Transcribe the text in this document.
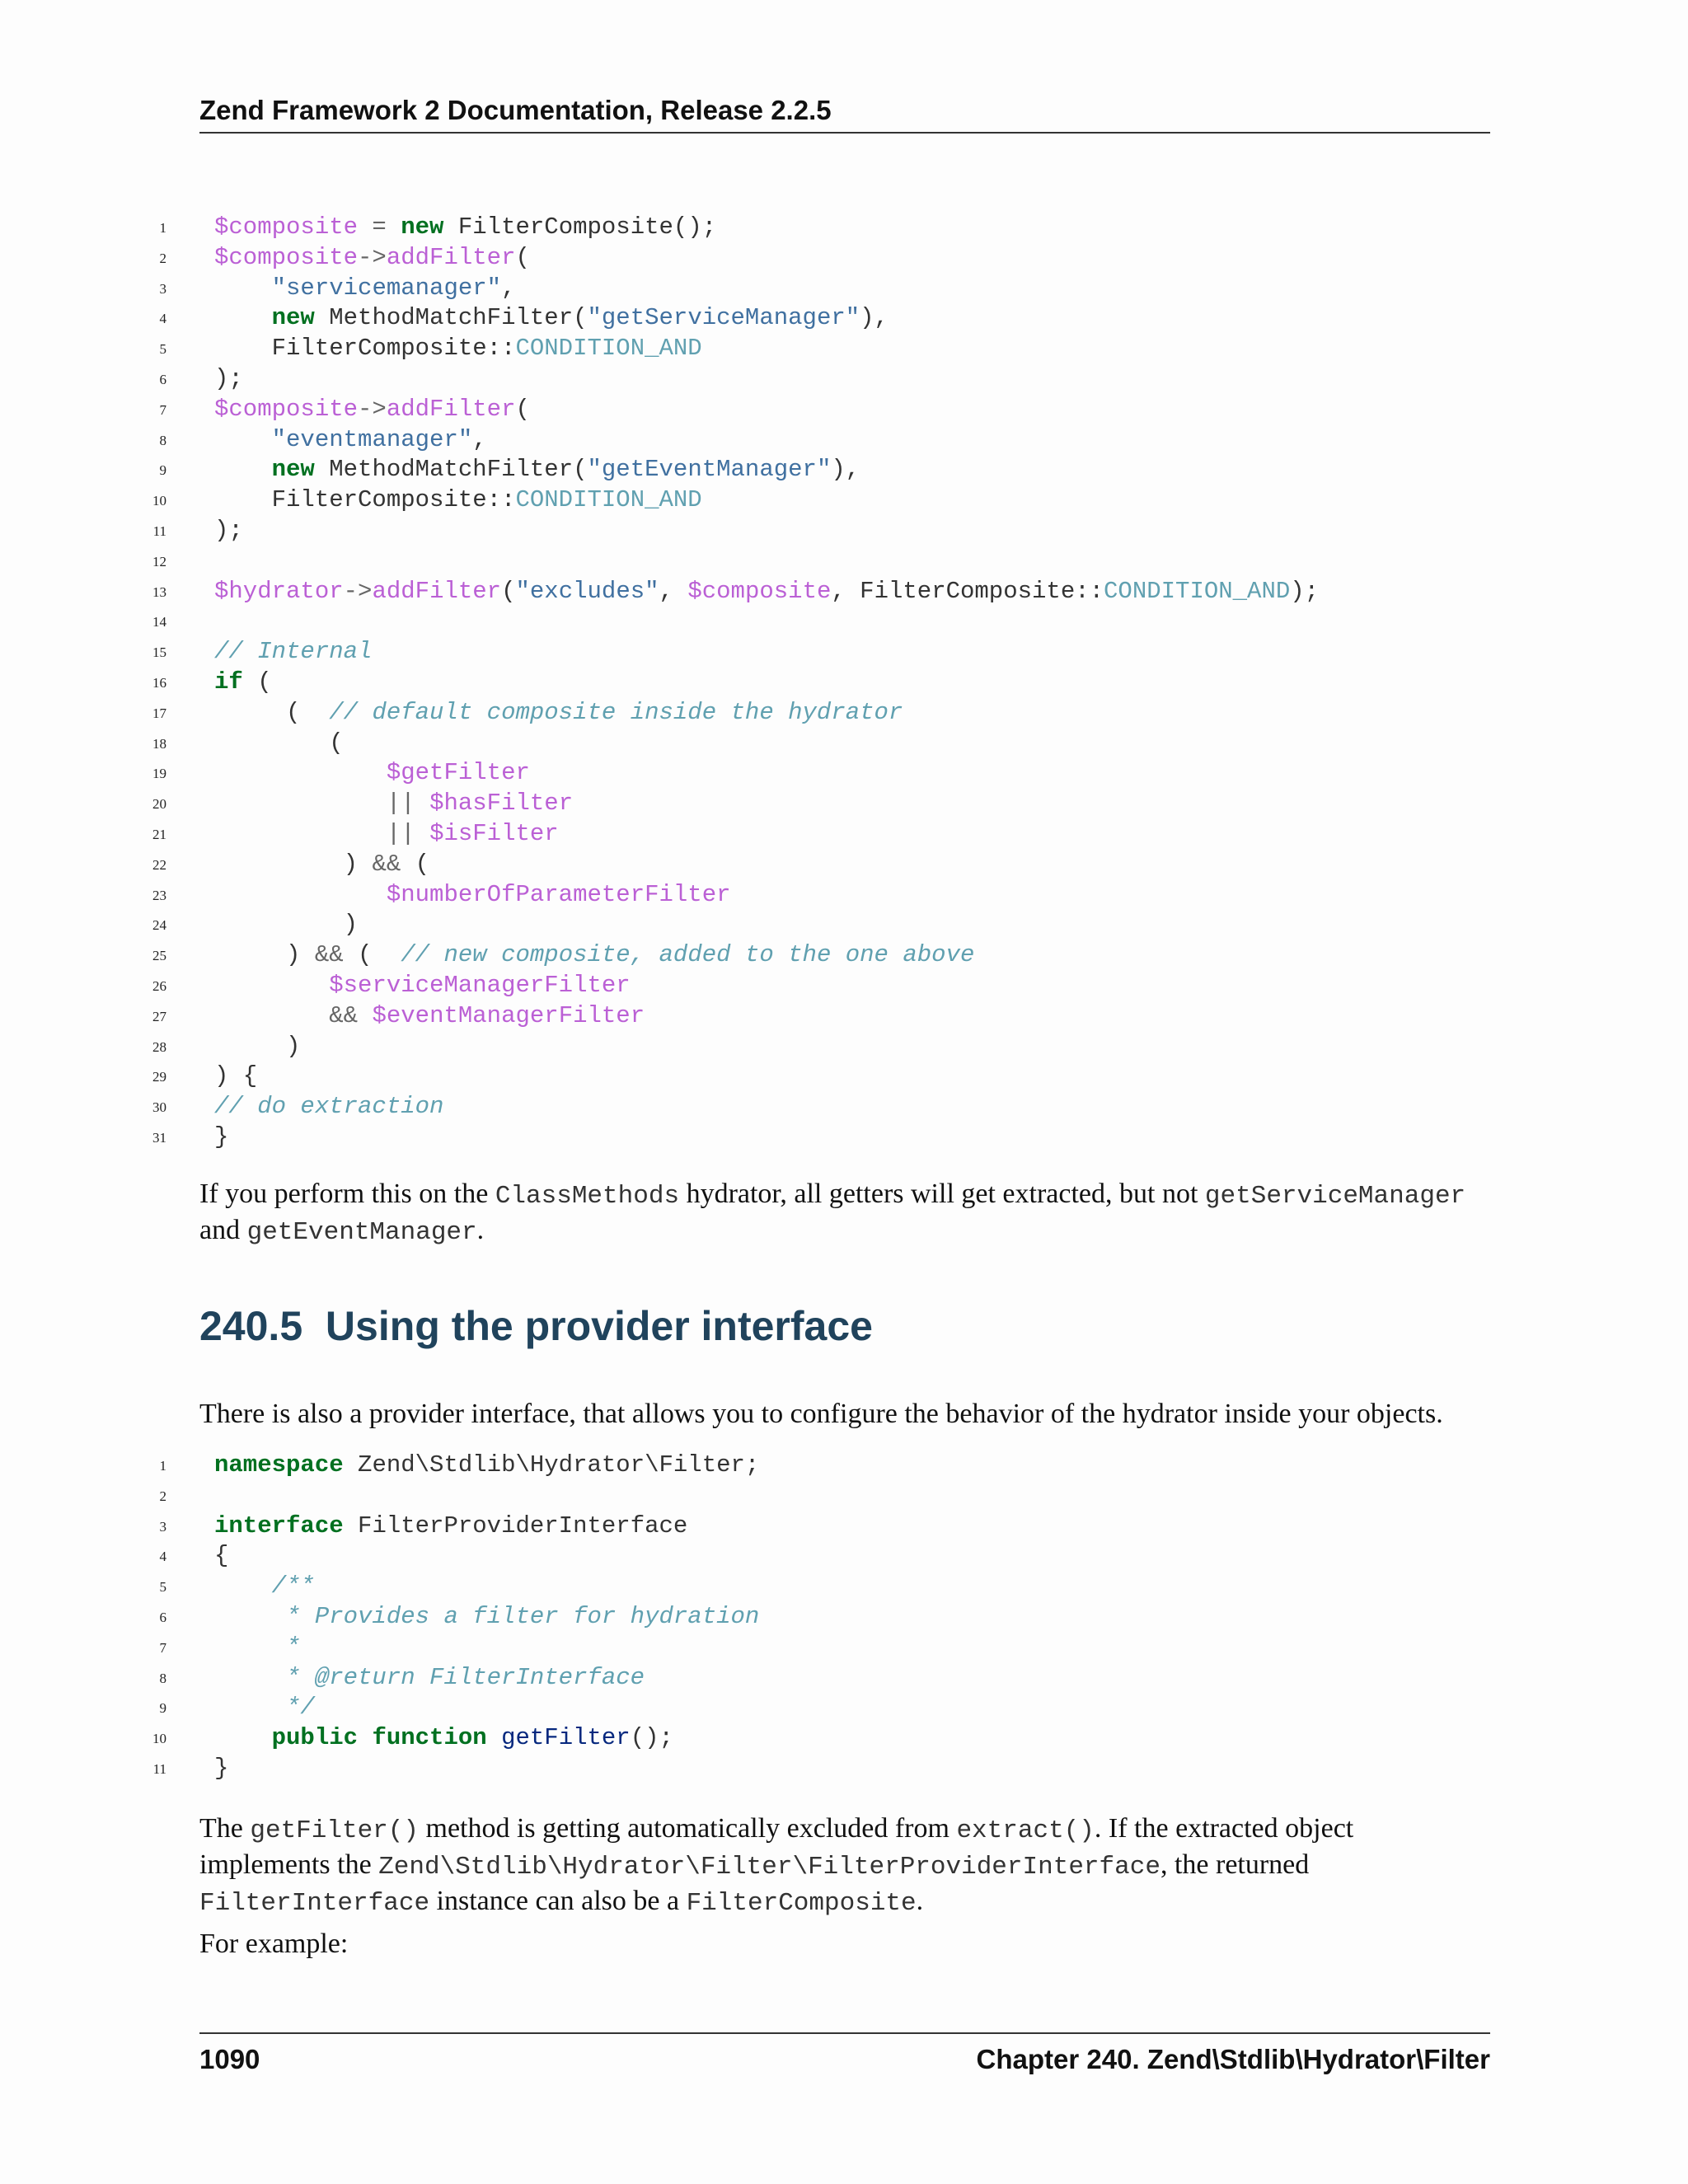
Zend Framework 2 Documentation, Release 2.2.5
1 $composite = new FilterComposite();
2 $composite->addFilter(
3	"servicemanager",
4	new MethodMatchFilter("getServiceManager"),
5 FilterComposite::CONDITION_AND
6 );
7 $composite->addFilter(
8	"eventmanager",
9	new MethodMatchFilter("getEventManager"),
10 FilterComposite::CONDITION_AND
11 );
12
13 $hydrator->addFilter("excludes", $composite, FilterComposite::CONDITION_AND);
14
15 // Internal
16 if (
17 (  // default composite inside the hydrator
18 (
19	$getFilter
20	|| $hasFilter
21	|| $isFilter
22 ) && (
23	$numberOfParameterFilter
24 )
25 ) && (  // new composite, added to the one above
26	$serviceManagerFilter
27	&& $eventManagerFilter
28 )
29 ) {
30 // do extraction
31 }
If you perform this on the ClassMethods hydrator, all getters will get extracted, but not getServiceManager
and getEventManager.
240.5 Using the provider interface
There is also a provider interface, that allows you to configure the behavior of the hydrator inside your objects.
1 namespace Zend\Stdlib\Hydrator\Filter;
2
3 interface FilterProviderInterface
4 {
5	/**
6	* Provides a filter for hydration
7	*
8	* @return FilterInterface
9	*/
10	public function getFilter();
11 }
The getFilter() method is getting automatically excluded from extract(). If the extracted object implements the Zend\Stdlib\Hydrator\Filter\FilterProviderInterface, the returned FilterInterface instance can also be a FilterComposite.
For example:
1090	Chapter 240. Zend\Stdlib\Hydrator\Filter
